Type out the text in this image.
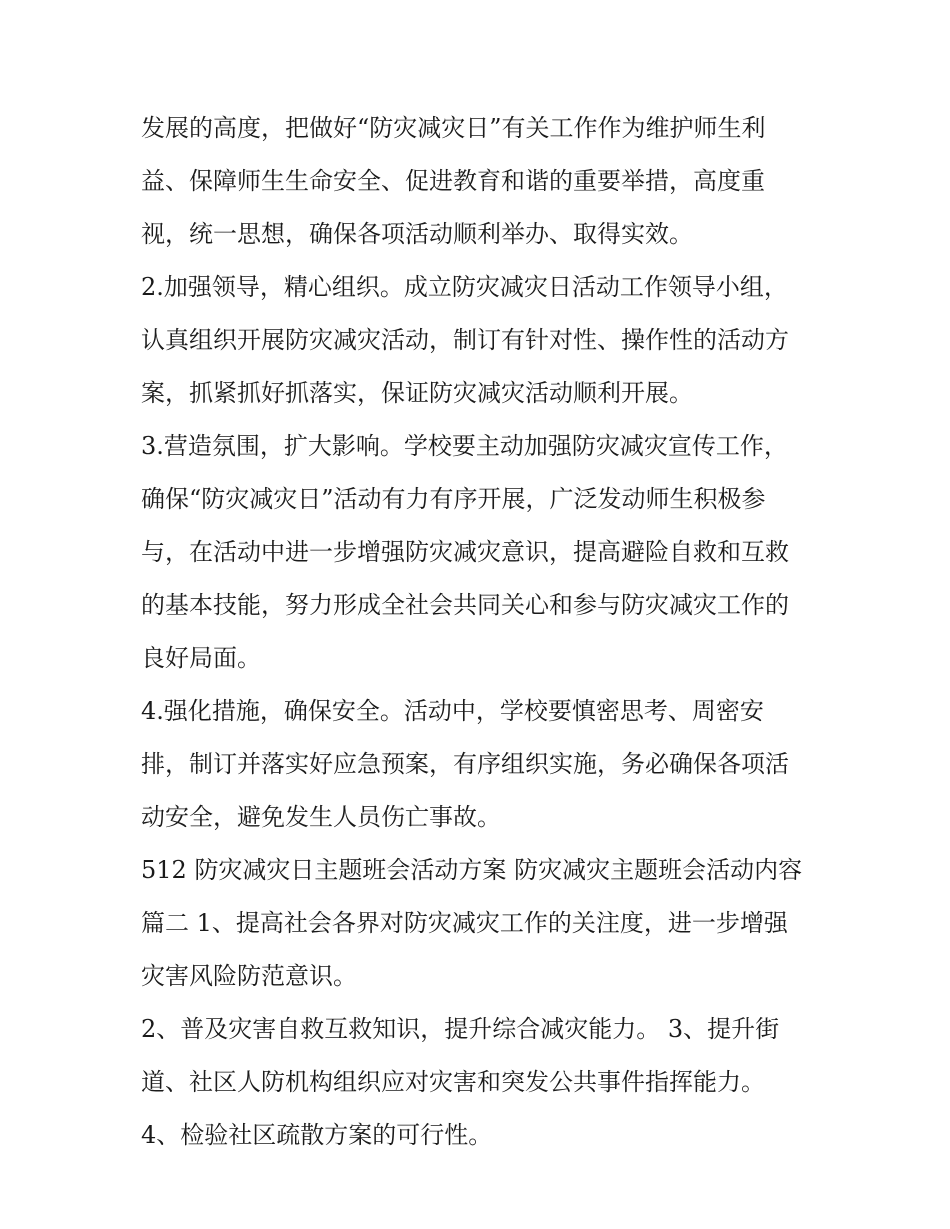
发展的高度，把做好“防灾减灾日”有关工作作为维护师生利
益、保障师生生命安全、促进教育和谐的重要举措，高度重
视，统一思想，确保各项活动顺利举办、取得实效。
2.加强领导，精心组织。成立防灾减灾日活动工作领导小组，
认真组织开展防灾减灾活动，制订有针对性、操作性的活动方
案，抓紧抓好抓落实，保证防灾减灾活动顺利开展。
3.营造氛围，扩大影响。学校要主动加强防灾减灾宣传工作，
确保“防灾减灾日”活动有力有序开展，广泛发动师生积极参
与，在活动中进一步增强防灾减灾意识，提高避险自救和互救
的基本技能，努力形成全社会共同关心和参与防灾减灾工作的
良好局面。
4.强化措施，确保安全。活动中，学校要慎密思考、周密安
排，制订并落实好应急预案，有序组织实施，务必确保各项活
动安全，避免发生人员伤亡事故。
512 防灾减灾日主题班会活动方案 防灾减灾主题班会活动内容
篇二 1、提高社会各界对防灾减灾工作的关注度，进一步增强
灾害风险防范意识。
2、普及灾害自救互救知识，提升综合减灾能力。 3、提升街
道、社区人防机构组织应对灾害和突发公共事件指挥能力。
4、检验社区疏散方案的可行性。
